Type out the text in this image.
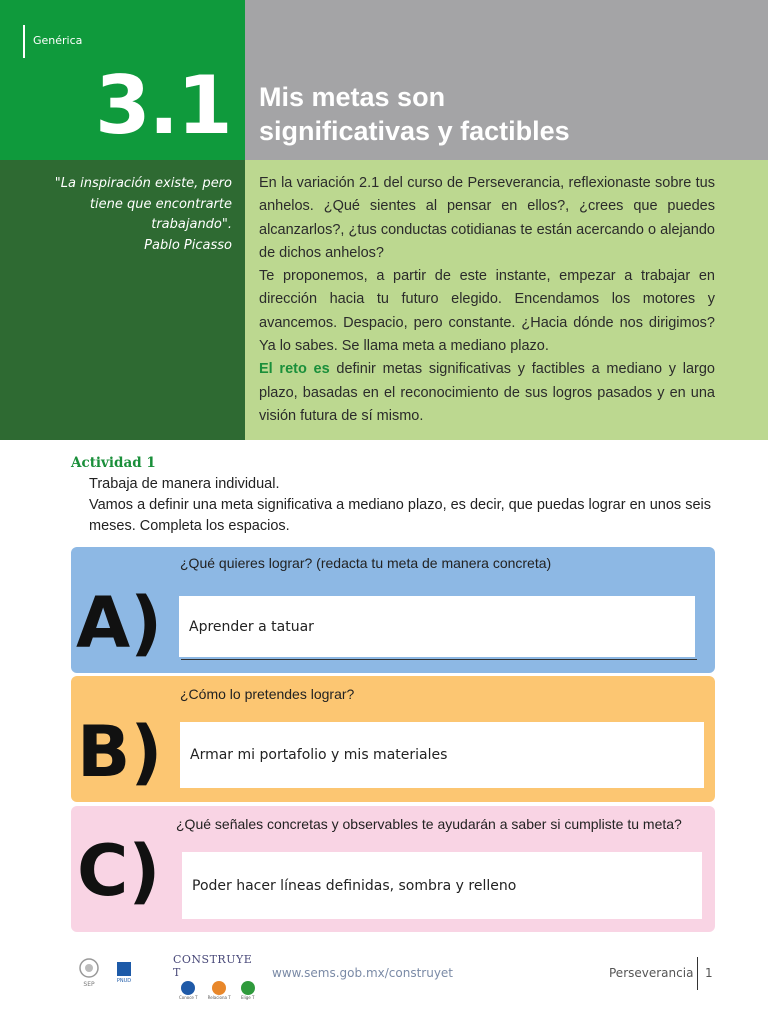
Genérica
3.1 Mis metas son
significativas y factibles
"La inspiración existe, pero
tiene que encontrarte
trabajando".
Pablo Picasso

En la variación 2.1 del curso de Perseverancia, reflexionaste sobre tus anhelos. ¿Qué sientes al pensar en ellos?, ¿crees que puedes alcanzarlos?, ¿tus conductas cotidianas te están acercando o alejando de dichos anhelos?

Te proponemos, a partir de este instante, empezar a trabajar en dirección hacia tu futuro elegido. Encendamos los motores y avancemos. Despacio, pero constante. ¿Hacia dónde nos dirigimos? Ya lo sabes. Se llama meta a mediano plazo.

El reto es definir metas significativas y factibles a mediano y largo plazo, basadas en el reconocimiento de sus logros pasados y en una visión futura de sí mismo.

Actividad 1

Trabaja de manera individual.

Vamos a definir una meta significativa a mediano plazo, es decir, que puedas lograr en unos seis meses. Completa los espacios.

A)
¿Qué quieres lograr? (redacta tu meta de manera concreta)
Aprender a tatuar
B)
¿Cómo lo pretendes lograr?
Armar mi portafolio y mis materiales
C)
¿Qué señales concretas y observables te ayudarán a saber si cumpliste tu meta?
Poder hacer líneas definidas, sombra y relleno
SEP	PNUD
CONSTRUYE T
Conoce T	Relaciona T	Elige T
www.sems.gob.mx/construyet	Perseverancia 1
